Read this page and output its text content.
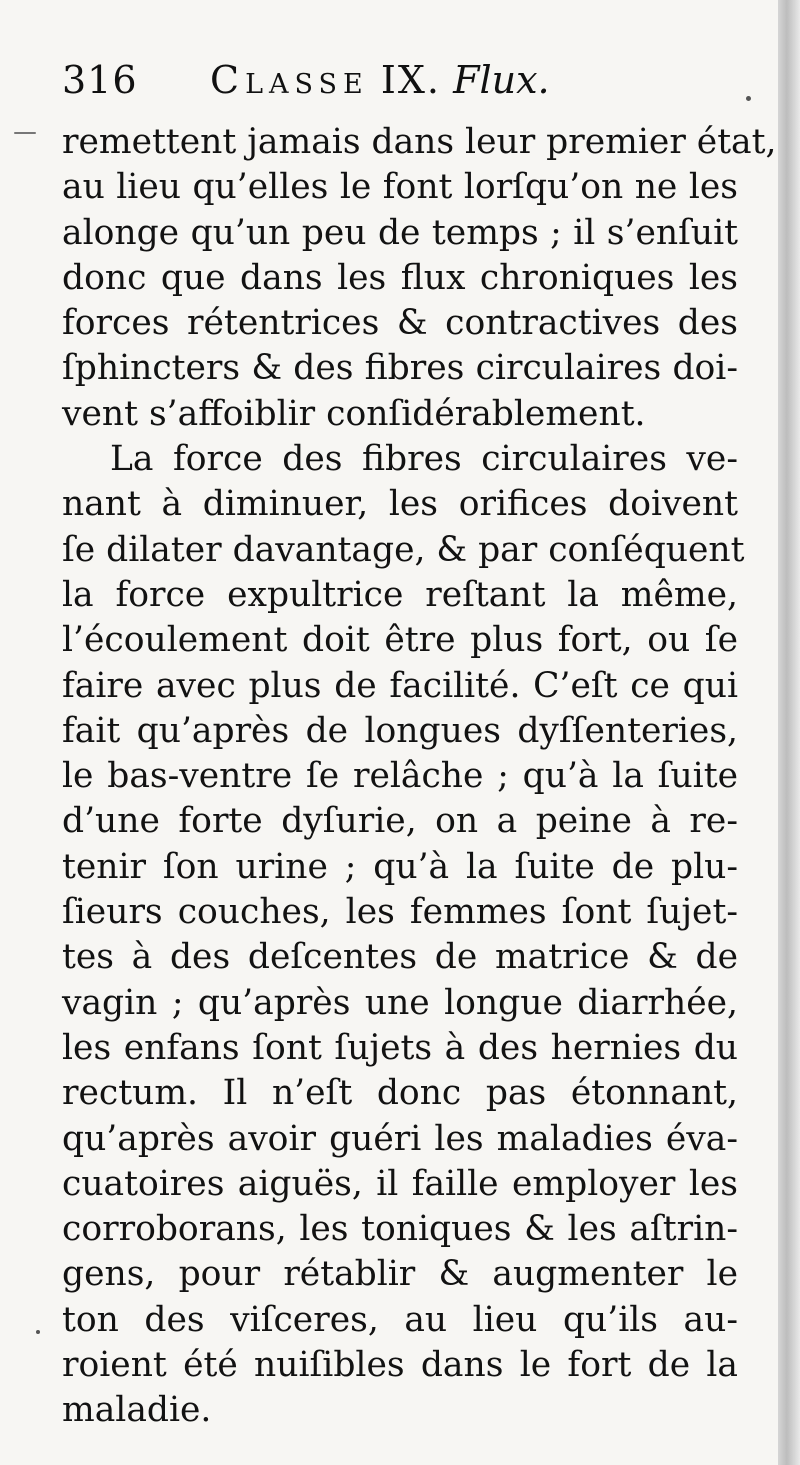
316 Classe IX. Flux.
remettent jamais dans leur premier état,
au lieu qu’elles le font lorſqu’on ne les
alonge qu’un peu de temps ; il s’enſuit
donc que dans les flux chroniques les
forces rétentrices & contractives des
ſphincters & des fibres circulaires doi-
vent s’affoiblir conſidérablement.
La force des fibres circulaires ve-
nant à diminuer, les orifices doivent
ſe dilater davantage, & par conſéquent
la force expultrice reſtant la même,
l’écoulement doit être plus fort, ou ſe
faire avec plus de facilité. C’eſt ce qui
fait qu’après de longues dyſſenteries,
le bas-ventre ſe relâche ; qu’à la ſuite
d’une forte dyſurie, on a peine à re-
tenir ſon urine ; qu’à la ſuite de plu-
ſieurs couches, les femmes ſont ſujet-
tes à des deſcentes de matrice & de
vagin ; qu’après une longue diarrhée,
les enfans ſont ſujets à des hernies du
rectum. Il n’eſt donc pas étonnant,
qu’après avoir guéri les maladies éva-
cuatoires aiguës, il faille employer les
corroborans, les toniques & les aſtrin-
gens, pour rétablir & augmenter le
ton des viſceres, au lieu qu’ils au-
roient été nuiſibles dans le fort de la
maladie.
